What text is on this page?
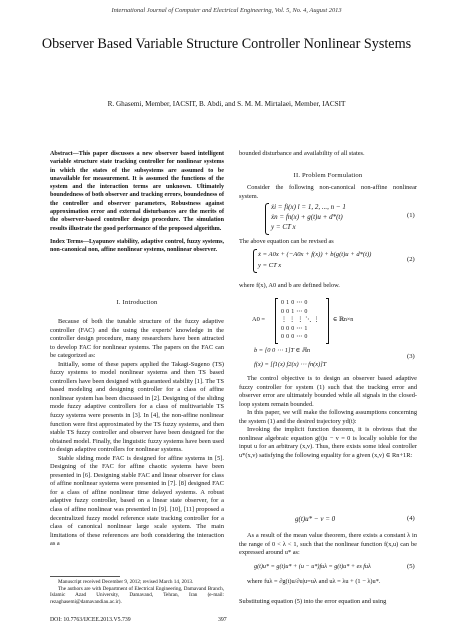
International Journal of Computer and Electrical Engineering, Vol. 5, No. 4, August 2013
Observer Based Variable Structure Controller Nonlinear Systems
R. Ghasemi, Member, IACSIT, B. Abdi, and S. M. M. Mirtalaei, Member, IACSIT

Abstract—This paper discusses a new observer based intelligent variable structure state tracking controller for nonlinear systems in which the states of the subsystems are assumed to be unavailable for measurement. It is assumed the functions of the system and the interaction terms are unknown. Ultimately boundedness of both observer and tracking errors, boundedness of the controller and observer parameters, Robustness against approximation error and external disturbances are the merits of the observer-based controller design procedure. The simulation results illustrate the good performance of the proposed algorithm.

Index Terms—Lyapunov stability, adaptive control, fuzzy systems, non-canonical non, affine nonlinear systems, nonlinear observer.

I. Introduction

Because of both the tunable structure of the fuzzy adaptive controller (FAC) and the using the experts' knowledge in the controller design procedure, many researchers have been attracted to develop FAC for nonlinear systems. The papers on the FAC can be categorized as:

Initially, some of these papers applied the Takagi-Sugeno (TS) fuzzy systems to model nonlinear systems and then TS based controllers have been designed with guaranteed stability [1]. The TS based modeling and designing controller for a class of affine nonlinear system has been discussed in [2]. Designing of the sliding mode fuzzy adaptive controllers for a class of multivariable TS fuzzy systems were presents in [3]. In [4], the non-affine nonlinear function were first approximated by the TS fuzzy systems, and then stable TS fuzzy controller and observer have been designed for the obtained model. Finally, the linguistic fuzzy systems have been used to design adaptive controllers for nonlinear systems.

Stable sliding mode FAC is designed for affine systems in [5]. Designing of the FAC for affine chaotic systems have been presented in [6]. Designing stable FAC and linear observer for class of affine nonlinear systems were presented in [7]. [8] designed FAC for a class of affine nonlinear time delayed systems. A robust adaptive fuzzy controller, based on a linear state observer, for a class of affine nonlinear was presented in [9]. [10], [11] proposed a decentralized fuzzy model reference state tracking controller for a class of canonical nonlinear large scale system. The main limitations of these references are both considering the interaction as a

Manuscript received December 9, 2012; revised March 14, 2013.

The authors are with Department of Electrical Engineering, Damavand Branch, Islamic Azad University, Damavand, Tehran, Iran (e-mail: rezaghasemi@damavandiau.ac.ir).

DOI: 10.7763/IJCEE.2013.V5.739	397

bounded disturbance and availability of all states.

II. Problem Formulation

Consider the following non-canonical non-affine nonlinear system.

ẋi = fi(x) l = 1, 2, ..., n − 1
ẋn = fn(x) + g(t)u + d*(t)
y = CT x
(1)

The above equation can be revised as

ẋ = A0x + (−A0x + f(x)) + b(g(t)u + d*(t))
y = CT x
(2)

where f(x), A0 and b are defined below.

A0 =
0 1 0 ⋯ 0
0 0 1 ⋯ 0
⋮ ⋮ ⋮ ⋱ ⋮
0 0 0 ⋯ 1
0 0 0 ⋯ 0
∈ ℝn×n
b = [0 0 ⋯ 1]T ∈ ℝn
(3)
f(x) = [f1(x) f2(x) ⋯ fn(x)]T

The control objective is to design an observer based adaptive fuzzy controller for system (1) such that the tracking error and observer error are ultimately bounded while all signals in the closed-loop system remain bounded.

In this paper, we will make the following assumptions concerning the system (1) and the desired trajectory yd(t):

Invoking the implicit function theorem, it is obvious that the nonlinear algebraic equation g(t)u − v = 0 is locally soluble for the input u for an arbitrary (x,v). Thus, there exists some ideal controller u*(x,v) satisfying the following equality for a given (x,v) ∈ Rn+1R:

g(t)u* − v = 0	(4)

As a result of the mean value theorem, there exists a constant λ in the range of 0 < λ < 1, such that the nonlinear function f(x,u) can be expressed around u* as:

g(t)u* = g(t)u* + (u − u*)fuλ = g(t)u* + es fuλ	(5)

where fuλ = ∂g(t)u/∂u|u=uλ and uλ = λu + (1 − λ)u*.

Substituting equation (5) into the error equation and using
